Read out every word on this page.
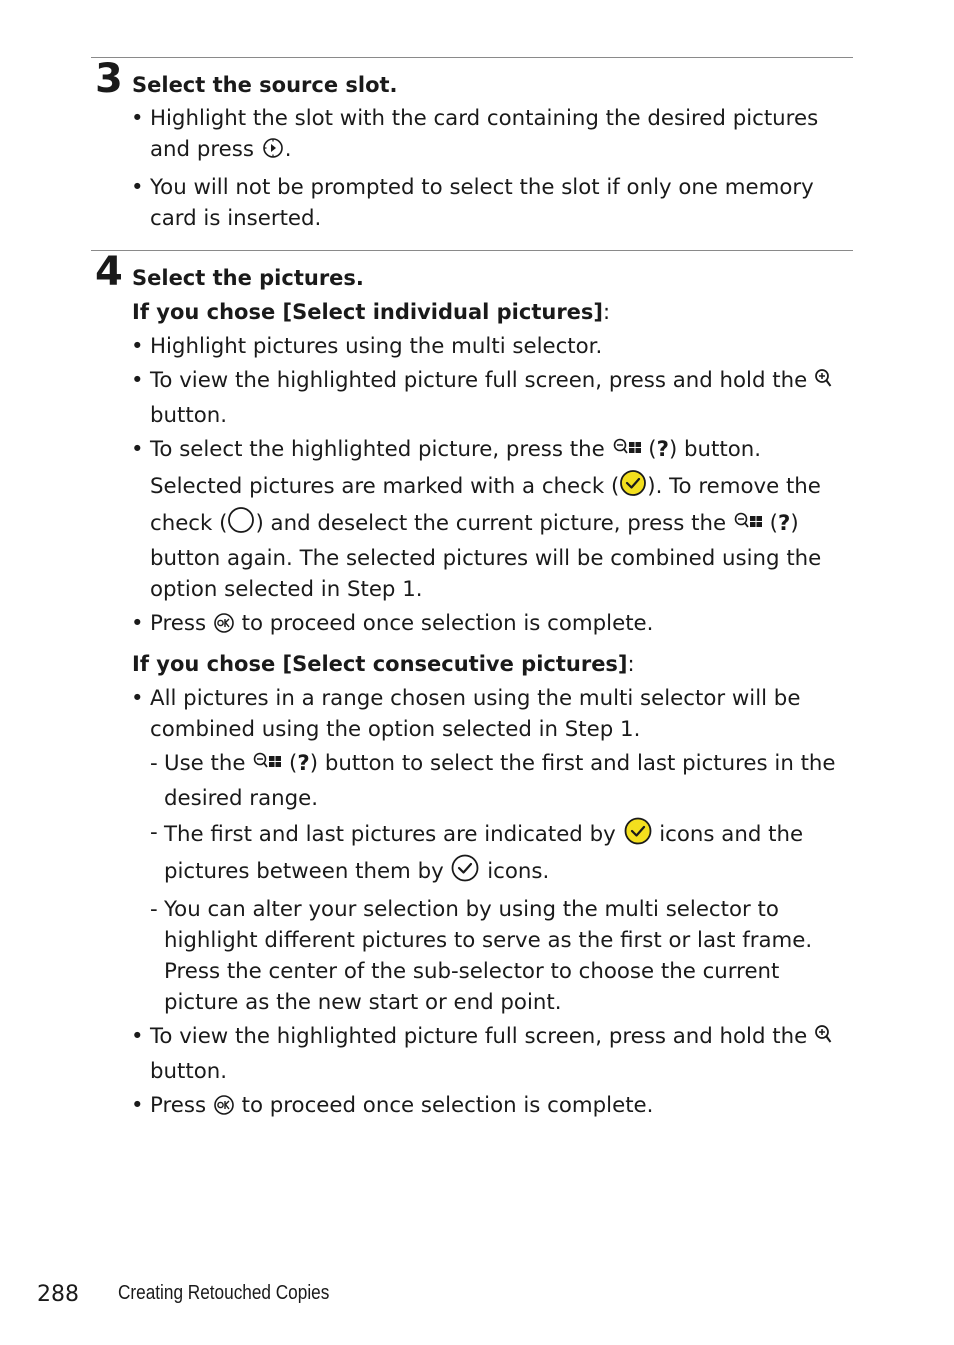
3 Select the source slot.
• Highlight the slot with the card containing the desired pictures and press .
• You will not be prompted to select the slot if only one memory card is inserted.
4 Select the pictures.
If you chose [Select individual pictures]:
• Highlight pictures using the multi selector.
• To view the highlighted picture full screen, press and hold the  button.
• To select the highlighted picture, press the  (?) button. Selected pictures are marked with a check ( ). To remove the check ( ) and deselect the current picture, press the  (?) button again. The selected pictures will be combined using the option selected in Step 1.
• Press  to proceed once selection is complete.
If you chose [Select consecutive pictures]:
• All pictures in a range chosen using the multi selector will be combined using the option selected in Step 1.
- Use the  (?) button to select the first and last pictures in the desired range.
- The first and last pictures are indicated by  icons and the pictures between them by  icons.
- You can alter your selection by using the multi selector to highlight different pictures to serve as the first or last frame. Press the center of the sub-selector to choose the current picture as the new start or end point.
• To view the highlighted picture full screen, press and hold the  button.
• Press  to proceed once selection is complete.
288 Creating Retouched Copies
